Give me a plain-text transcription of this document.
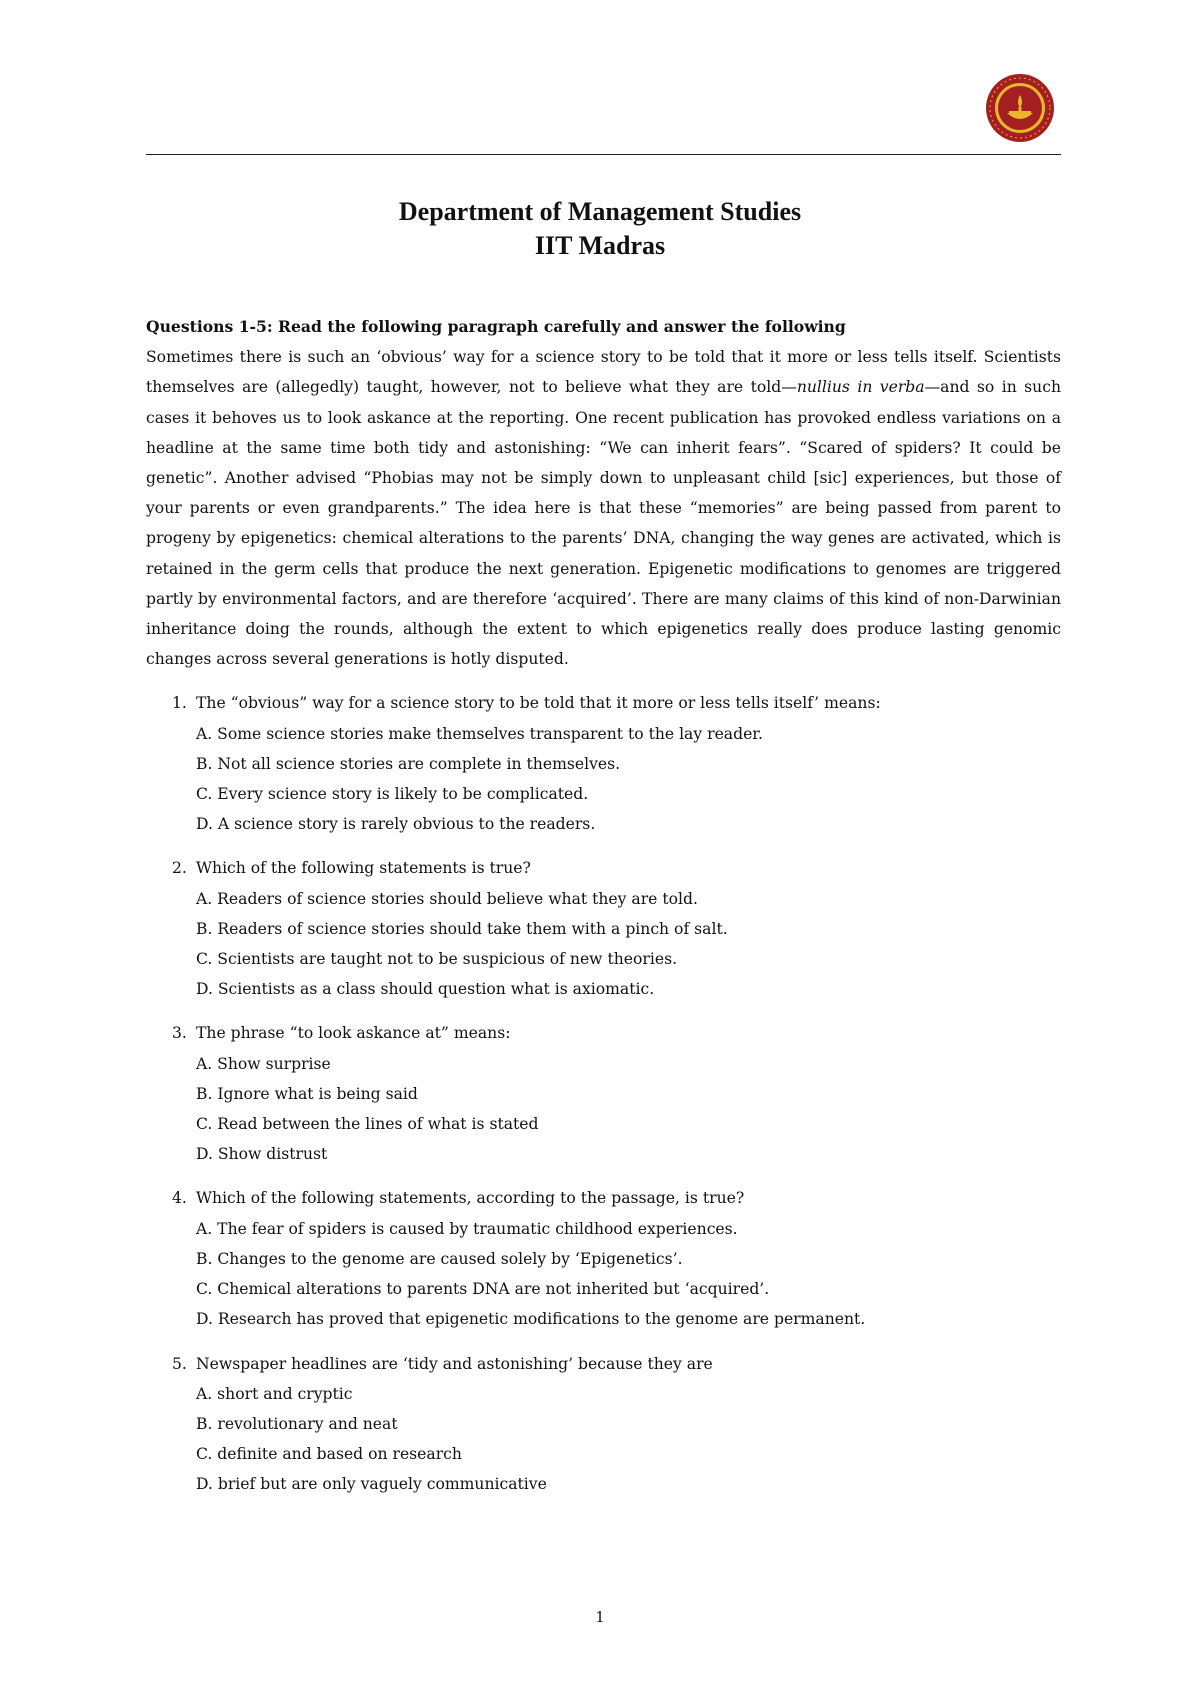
Department of Management Studies
IIT Madras
Questions 1-5: Read the following paragraph carefully and answer the following
Sometimes there is such an ‘obvious’ way for a science story to be told that it more or less tells itself. Scientists themselves are (allegedly) taught, however, not to believe what they are told—nullius in verba—and so in such cases it behoves us to look askance at the reporting. One recent publication has provoked endless variations on a headline at the same time both tidy and astonishing: “We can inherit fears”. “Scared of spiders? It could be genetic”. Another advised “Phobias may not be simply down to unpleasant child [sic] experiences, but those of your parents or even grandparents.” The idea here is that these “memories” are being passed from parent to progeny by epigenetics: chemical alterations to the parents’ DNA, changing the way genes are activated, which is retained in the germ cells that produce the next generation. Epigenetic modifications to genomes are triggered partly by environmental factors, and are therefore ‘acquired’. There are many claims of this kind of non-Darwinian inheritance doing the rounds, although the extent to which epigenetics really does produce lasting genomic changes across several generations is hotly disputed.
1. The “obvious” way for a science story to be told that it more or less tells itself’ means:
A. Some science stories make themselves transparent to the lay reader.
B. Not all science stories are complete in themselves.
C. Every science story is likely to be complicated.
D. A science story is rarely obvious to the readers.
2. Which of the following statements is true?
A. Readers of science stories should believe what they are told.
B. Readers of science stories should take them with a pinch of salt.
C. Scientists are taught not to be suspicious of new theories.
D. Scientists as a class should question what is axiomatic.
3. The phrase “to look askance at” means:
A. Show surprise
B. Ignore what is being said
C. Read between the lines of what is stated
D. Show distrust
4. Which of the following statements, according to the passage, is true?
A. The fear of spiders is caused by traumatic childhood experiences.
B. Changes to the genome are caused solely by ‘Epigenetics’.
C. Chemical alterations to parents DNA are not inherited but ‘acquired’.
D. Research has proved that epigenetic modifications to the genome are permanent.
5. Newspaper headlines are ‘tidy and astonishing’ because they are
A. short and cryptic
B. revolutionary and neat
C. definite and based on research
D. brief but are only vaguely communicative
1
